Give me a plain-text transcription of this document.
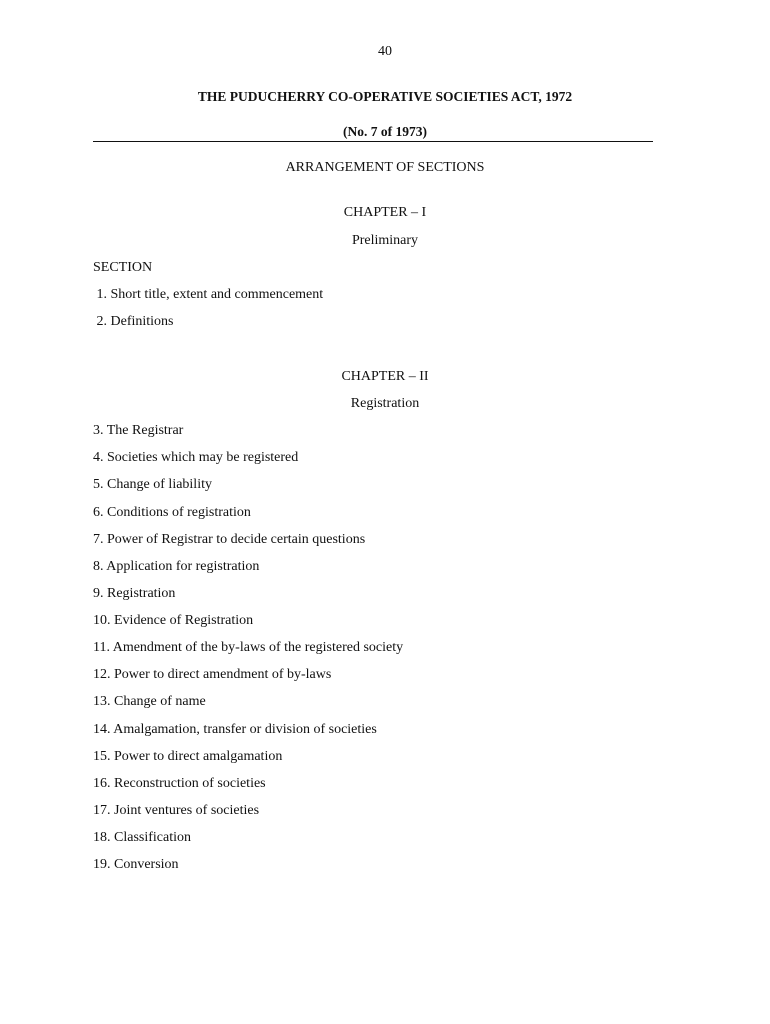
40
THE PUDUCHERRY CO-OPERATIVE SOCIETIES ACT, 1972
(No. 7 of 1973)
ARRANGEMENT OF SECTIONS
CHAPTER – I
Preliminary
SECTION
1. Short title, extent and commencement
2. Definitions
CHAPTER – II
Registration
3. The Registrar
4. Societies which may be registered
5. Change of liability
6. Conditions of registration
7. Power of Registrar to decide certain questions
8. Application for registration
9. Registration
10. Evidence of Registration
11. Amendment of the by-laws of the registered society
12. Power to direct amendment of by-laws
13. Change of name
14. Amalgamation, transfer or division of societies
15. Power to direct amalgamation
16. Reconstruction of societies
17. Joint ventures of societies
18. Classification
19. Conversion
